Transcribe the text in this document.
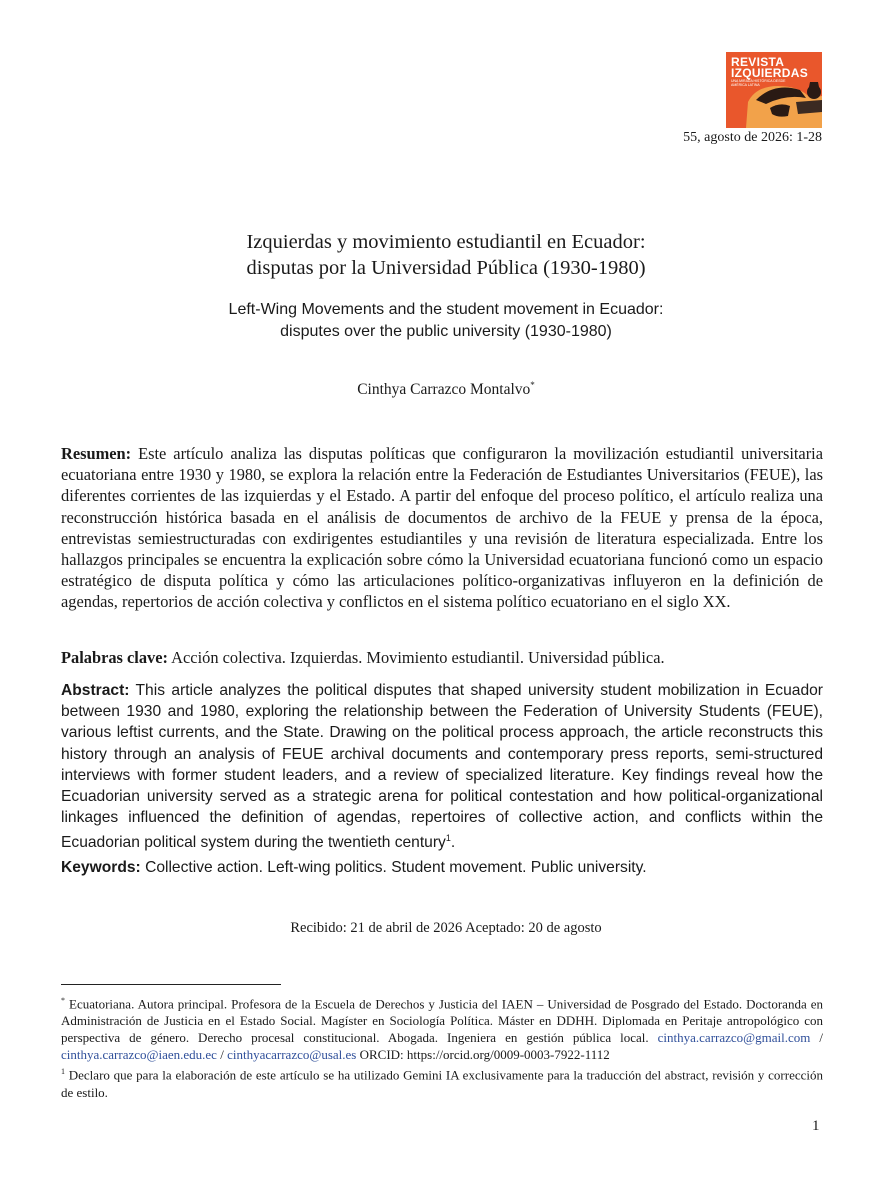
REVISTA
IZQUIERDAS
UNA MIRADA HISTÓRICA DESDE AMÉRICA LATINA
55, agosto de 2026: 1-28
Izquierdas y movimiento estudiantil en Ecuador:
disputas por la Universidad Pública (1930-1980)
Left-Wing Movements and the student movement in Ecuador:
disputes over the public university (1930-1980)
Cinthya Carrazco Montalvo*
Resumen: Este artículo analiza las disputas políticas que configuraron la movilización estudiantil universitaria ecuatoriana entre 1930 y 1980, se explora la relación entre la Federación de Estudiantes Universitarios (FEUE), las diferentes corrientes de las izquierdas y el Estado. A partir del enfoque del proceso político, el artículo realiza una reconstrucción histórica basada en el análisis de documentos de archivo de la FEUE y prensa de la época, entrevistas semiestructuradas con exdirigentes estudiantiles y una revisión de literatura especializada. Entre los hallazgos principales se encuentra la explicación sobre cómo la Universidad ecuatoriana funcionó como un espacio estratégico de disputa política y cómo las articulaciones político-organizativas influyeron en la definición de agendas, repertorios de acción colectiva y conflictos en el sistema político ecuatoriano en el siglo XX.
Palabras clave: Acción colectiva. Izquierdas. Movimiento estudiantil. Universidad pública.
Abstract: This article analyzes the political disputes that shaped university student mobilization in Ecuador between 1930 and 1980, exploring the relationship between the Federation of University Students (FEUE), various leftist currents, and the State. Drawing on the political process approach, the article reconstructs this history through an analysis of FEUE archival documents and contemporary press reports, semi-structured interviews with former student leaders, and a review of specialized literature. Key findings reveal how the Ecuadorian university served as a strategic arena for political contestation and how political-organizational linkages influenced the definition of agendas, repertoires of collective action, and conflicts within the Ecuadorian political system during the twentieth century$^1$.
Keywords: Collective action. Left-wing politics. Student movement. Public university.
Recibido: 21 de abril de 2026 Aceptado: 20 de agosto
* Ecuatoriana. Autora principal. Profesora de la Escuela de Derechos y Justicia del IAEN – Universidad de Posgrado del Estado. Doctoranda en Administración de Justicia en el Estado Social. Magíster en Sociología Política. Máster en DDHH. Diplomada en Peritaje antropológico con perspectiva de género. Derecho procesal constitucional. Abogada. Ingeniera en gestión pública local. cinthya.carrazco@gmail.com / cinthya.carrazco@iaen.edu.ec / cinthyacarrazco@usal.es ORCID: https://orcid.org/0009-0003-7922-1112
$^1$ Declaro que para la elaboración de este artículo se ha utilizado Gemini IA exclusivamente para la traducción del abstract, revisión y corrección de estilo.
1
